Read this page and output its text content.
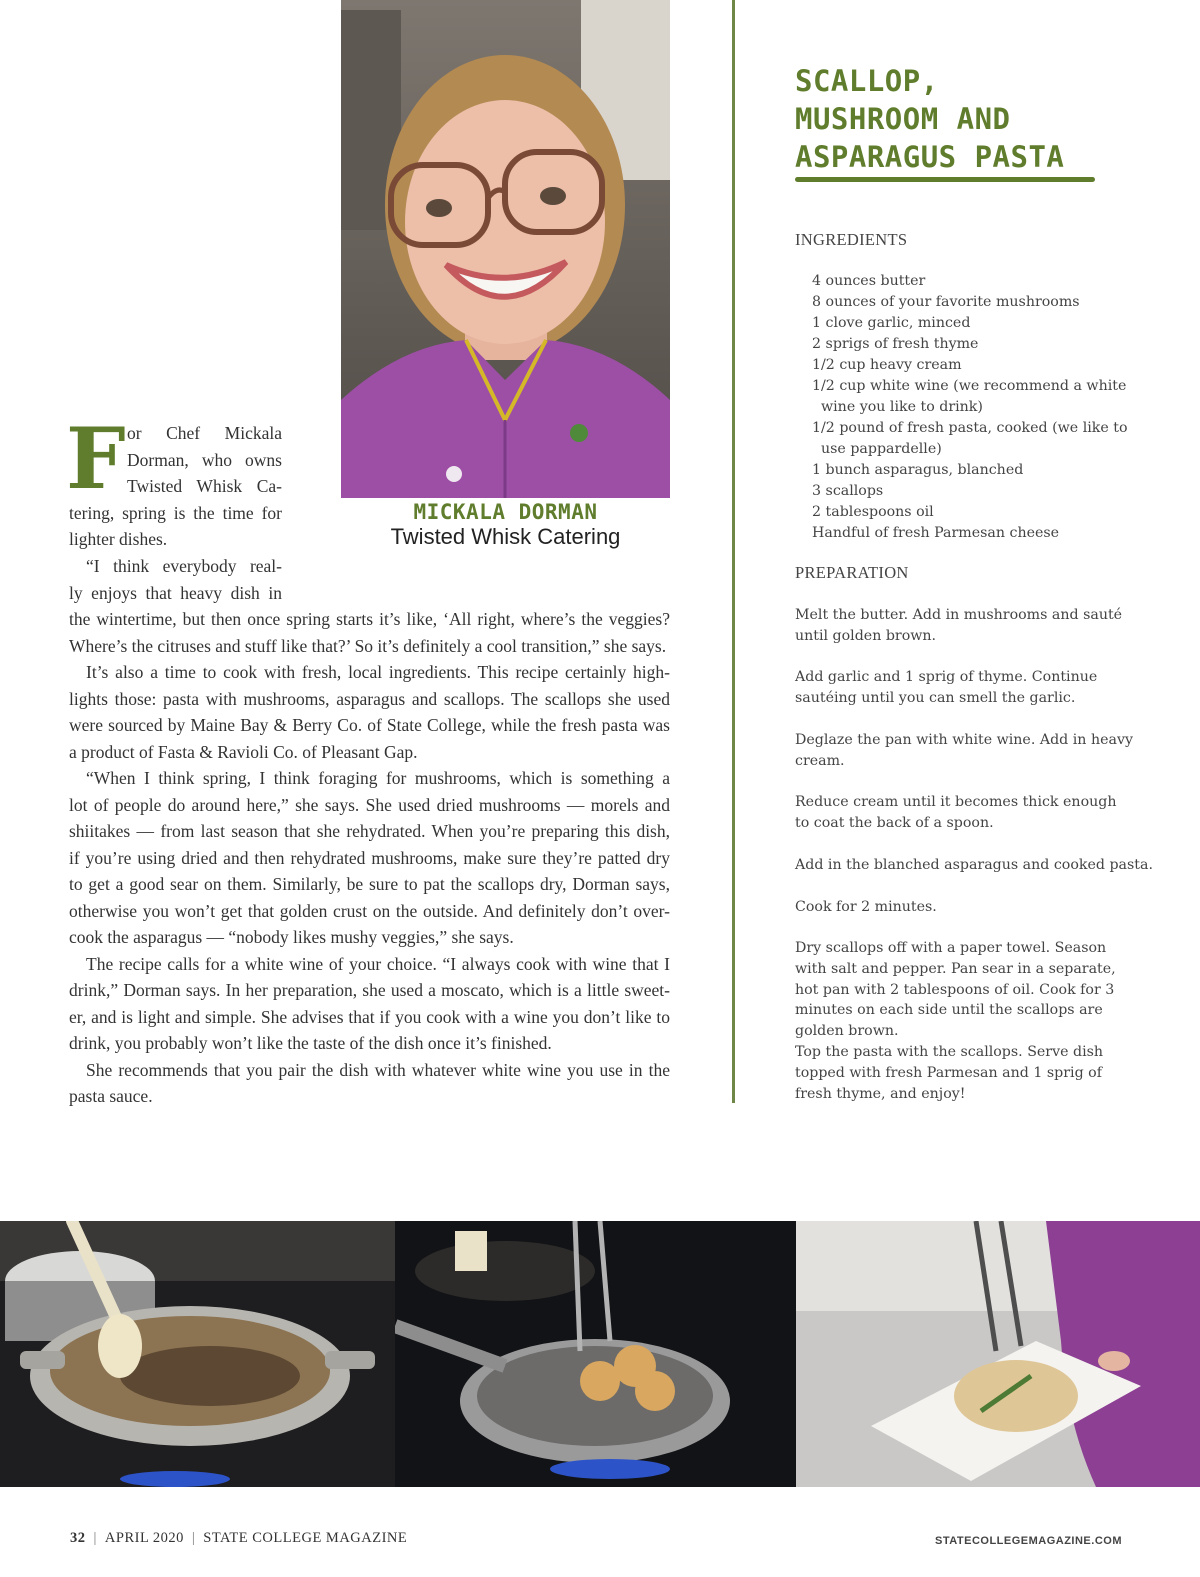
MICKALA DORMAN
Twisted Whisk Catering
F or Chef Mickala
Dorman, who owns
Twisted Whisk Ca-
tering, spring is the time for
lighter dishes.
“I think everybody real-
ly enjoys that heavy dish in
the wintertime, but then once spring starts it’s like, ‘All right, where’s the veggies?
Where’s the citruses and stuff like that?’ So it’s definitely a cool transition,” she says.
It’s also a time to cook with fresh, local ingredients. This recipe certainly high-
lights those: pasta with mushrooms, asparagus and scallops. The scallops she used
were sourced by Maine Bay & Berry Co. of State College, while the fresh pasta was
a product of Fasta & Ravioli Co. of Pleasant Gap.
“When I think spring, I think foraging for mushrooms, which is something a
lot of people do around here,” she says. She used dried mushrooms — morels and
shiitakes — from last season that she rehydrated. When you’re preparing this dish,
if you’re using dried and then rehydrated mushrooms, make sure they’re patted dry
to get a good sear on them. Similarly, be sure to pat the scallops dry, Dorman says,
otherwise you won’t get that golden crust on the outside. And definitely don’t over-
cook the asparagus — “nobody likes mushy veggies,” she says.
The recipe calls for a white wine of your choice. “I always cook with wine that I
drink,” Dorman says. In her preparation, she used a moscato, which is a little sweet-
er, and is light and simple. She advises that if you cook with a wine you don’t like to
drink, you probably won’t like the taste of the dish once it’s finished.
She recommends that you pair the dish with whatever white wine you use in the
pasta sauce.
SCALLOP,
MUSHROOM AND
ASPARAGUS PASTA
INGREDIENTS
4 ounces butter
8 ounces of your favorite mushrooms
1 clove garlic, minced
2 sprigs of fresh thyme
1/2 cup heavy cream
1/2 cup white wine (we recommend a white
wine you like to drink)
1/2 pound of fresh pasta, cooked (we like to
use pappardelle)
1 bunch asparagus, blanched
3 scallops
2 tablespoons oil
Handful of fresh Parmesan cheese
PREPARATION
Melt the butter. Add in mushrooms and sauté until golden brown.
Add garlic and 1 sprig of thyme. Continue sautéing until you can smell the garlic.
Deglaze the pan with white wine. Add in heavy cream.
Reduce cream until it becomes thick enough to coat the back of a spoon.
Add in the blanched asparagus and cooked pasta.
Cook for 2 minutes.
Dry scallops off with a paper towel. Season with salt and pepper. Pan sear in a separate, hot pan with 2 tablespoons of oil. Cook for 3 minutes on each side until the scallops are golden brown.
Top the pasta with the scallops. Serve dish topped with fresh Parmesan and 1 sprig of fresh thyme, and enjoy!
32 | APRIL 2020 | STATE COLLEGE MAGAZINE	STATECOLLEGEMAGAZINE.COM
